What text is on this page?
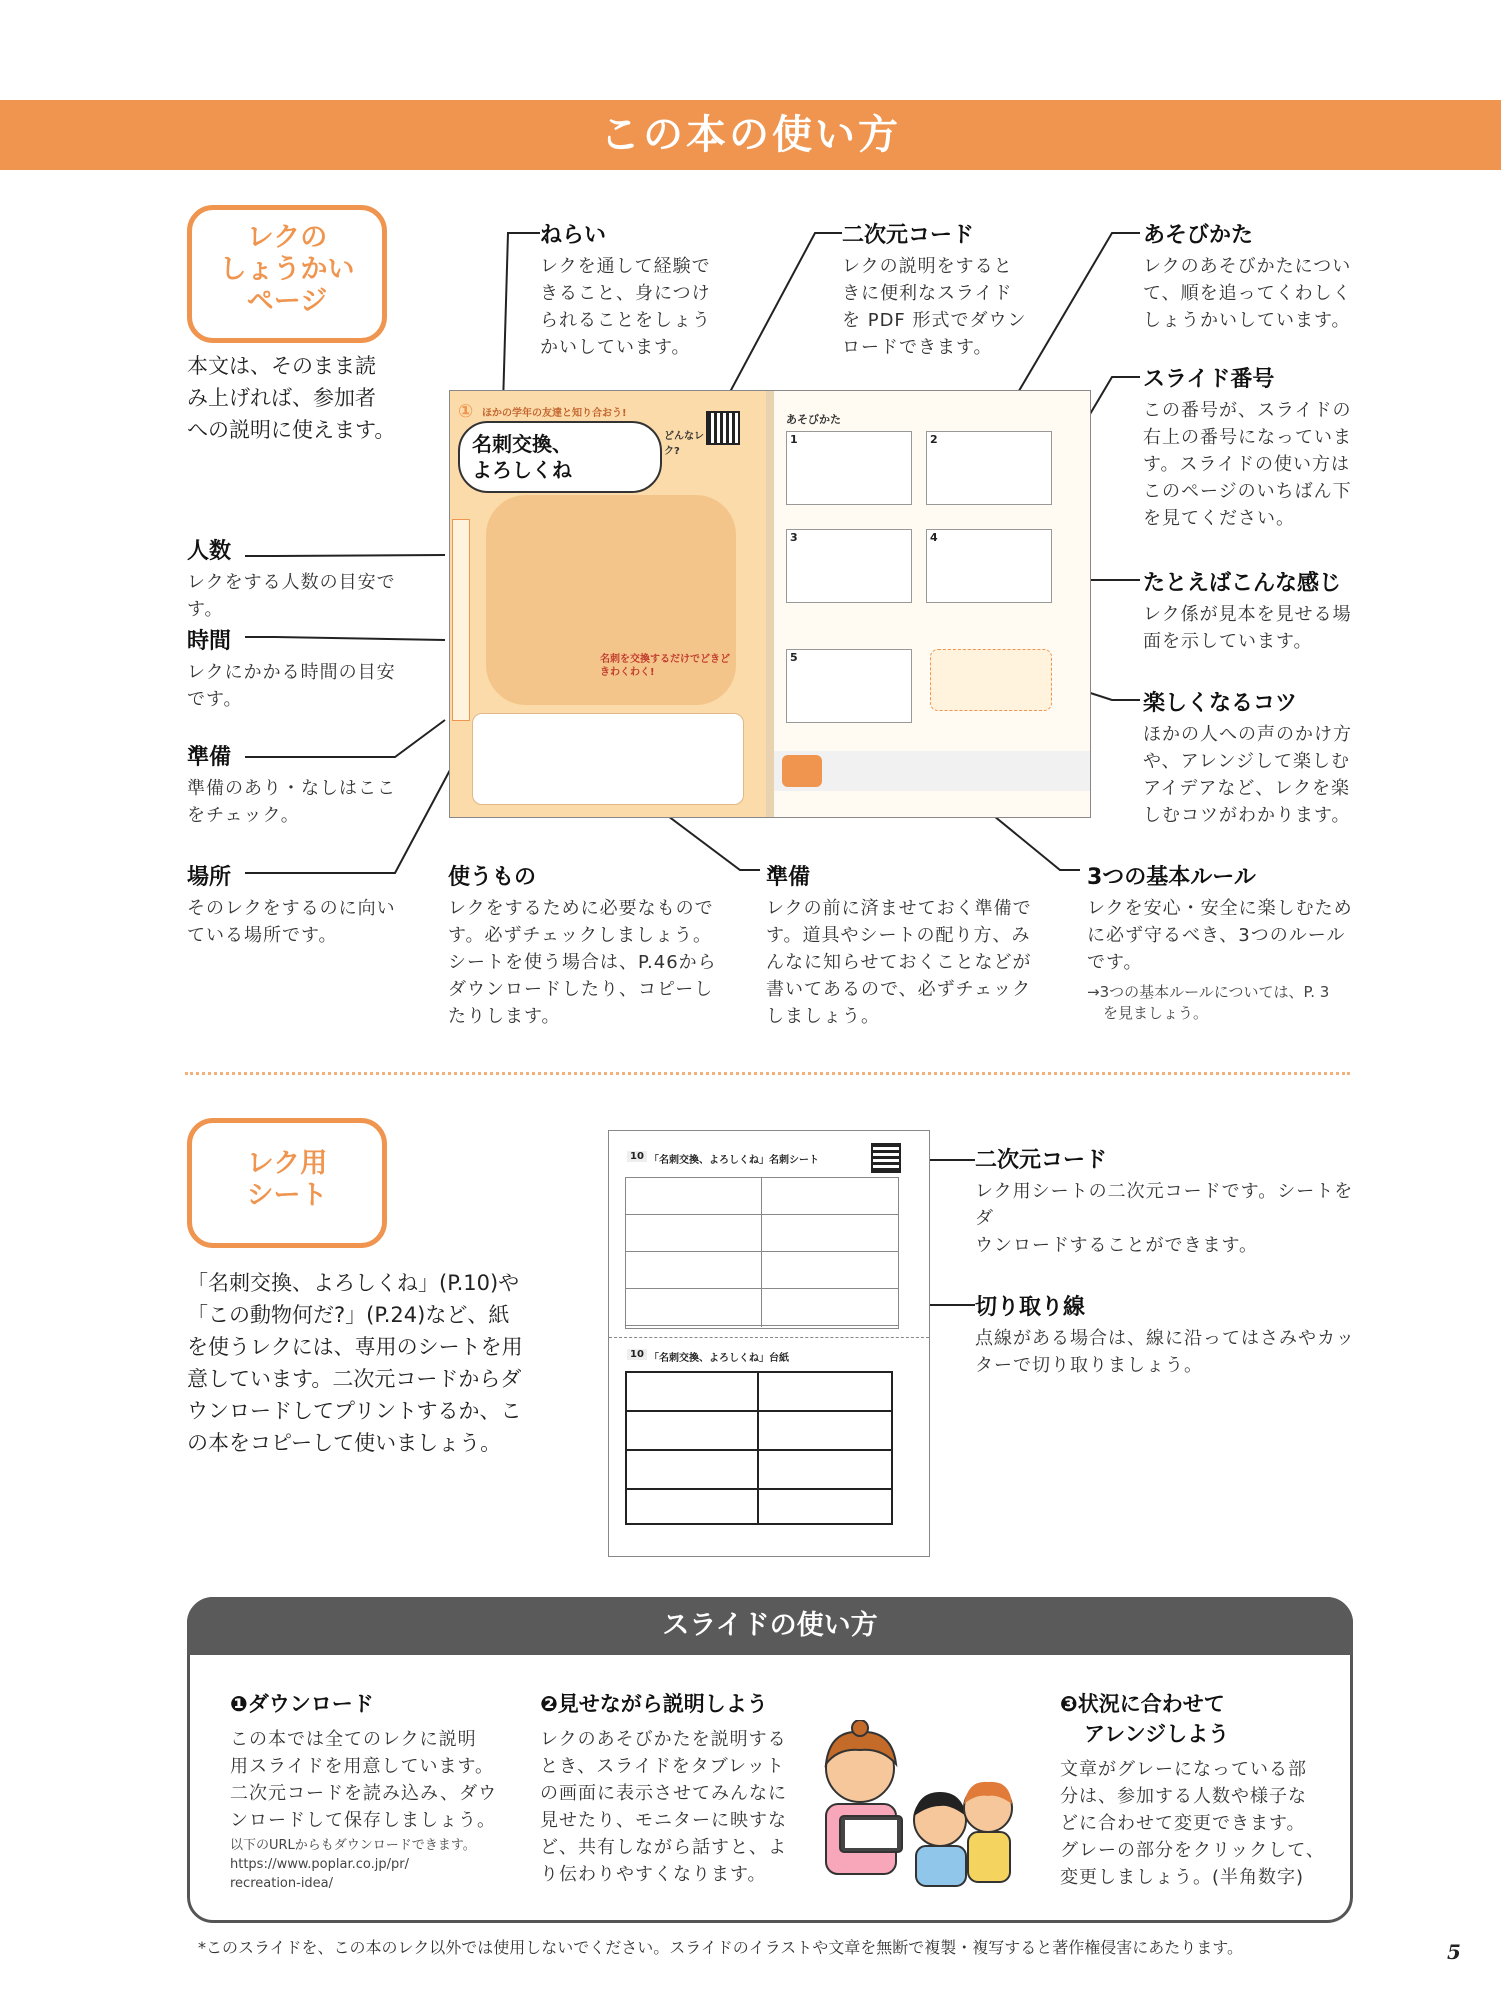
この本の使い方
レクの
しょうかい
ページ
本文は、そのまま読
み上げれば、参加者
への説明に使えます。
① ほかの学年の友達と知り合おう!
名刺交換、
よろしくね
どんなレク?
名刺を交換するだけでどきどきわくわく!
あそびかた
1	2
3	4
5
ねらい
レクを通して経験で
きること、身につけ
られることをしょう
かいしています。
二次元コード
レクの説明をすると
きに便利なスライド
を PDF 形式でダウン
ロードできます。
あそびかた
レクのあそびかたについ
て、順を追ってくわしく
しょうかいしています。
スライド番号
この番号が、スライドの
右上の番号になっていま
す。スライドの使い方は
このページのいちばん下
を見てください。
たとえばこんな感じ
レク係が見本を見せる場
面を示しています。
楽しくなるコツ
ほかの人への声のかけ方
や、アレンジして楽しむ
アイデアなど、レクを楽
しむコツがわかります。
人数
レクをする人数の目安です。
時間
レクにかかる時間の目安
です。
準備
準備のあり・なしはここ
をチェック。
場所
そのレクをするのに向い
ている場所です。
使うもの
レクをするために必要なもので
す。必ずチェックしましょう。
シートを使う場合は、P.46から
ダウンロードしたり、コピーし
たりします。
準備
レクの前に済ませておく準備で
す。道具やシートの配り方、み
んなに知らせておくことなどが
書いてあるので、必ずチェック
しましょう。
3つの基本ルール
レクを安心・安全に楽しむため
に必ず守るべき、3つのルール
です。
→3つの基本ルールについては、P. 3
を見ましょう。
レク用
シート
「名刺交換、よろしくね」(P.10)や
「この動物何だ?」(P.24)など、紙
を使うレクには、専用のシートを用
意しています。二次元コードからダ
ウンロードしてプリントするか、こ
の本をコピーして使いましょう。
10 「名刺交換、よろしくね」名刺シート
10 「名刺交換、よろしくね」台紙
二次元コード
レク用シートの二次元コードです。シートをダ
ウンロードすることができます。
切り取り線
点線がある場合は、線に沿ってはさみやカッ
ターで切り取りましょう。
スライドの使い方
❶ダウンロード
この本では全てのレクに説明
用スライドを用意しています。
二次元コードを読み込み、ダウ
ンロードして保存しましょう。
以下のURLからもダウンロードできます。
https://www.poplar.co.jp/pr/
recreation-idea/
❷見せながら説明しよう
レクのあそびかたを説明する
とき、スライドをタブレット
の画面に表示させてみんなに
見せたり、モニターに映すな
ど、共有しながら話すと、よ
り伝わりやすくなります。
❸状況に合わせて
アレンジしよう
文章がグレーになっている部
分は、参加する人数や様子な
どに合わせて変更できます。
グレーの部分をクリックして、
変更しましょう。(半角数字)
*このスライドを、この本のレク以外では使用しないでください。スライドのイラストや文章を無断で複製・複写すると著作権侵害にあたります。	5
